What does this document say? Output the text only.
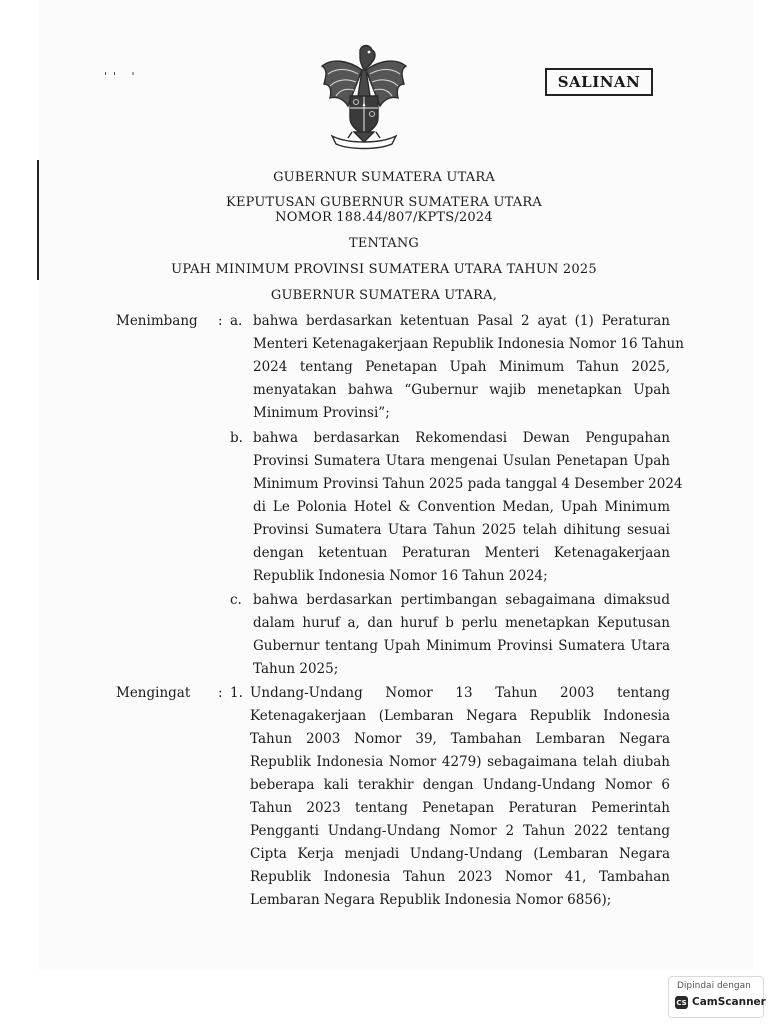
'' '	SALINAN
GUBERNUR SUMATERA UTARA
KEPUTUSAN GUBERNUR SUMATERA UTARA
NOMOR 188.44/807/KPTS/2024
TENTANG
UPAH MINIMUM PROVINSI SUMATERA UTARA TAHUN 2025
GUBERNUR SUMATERA UTARA,
Menimbang : a. bahwa berdasarkan ketentuan Pasal 2 ayat (1) Peraturan
Menteri Ketenagakerjaan Republik Indonesia Nomor 16 Tahun
2024 tentang Penetapan Upah Minimum Tahun 2025,
menyatakan bahwa “Gubernur wajib menetapkan Upah
Minimum Provinsi”;
b. bahwa berdasarkan Rekomendasi Dewan Pengupahan
Provinsi Sumatera Utara mengenai Usulan Penetapan Upah
Minimum Provinsi Tahun 2025 pada tanggal 4 Desember 2024
di Le Polonia Hotel & Convention Medan, Upah Minimum
Provinsi Sumatera Utara Tahun 2025 telah dihitung sesuai
dengan ketentuan Peraturan Menteri Ketenagakerjaan
Republik Indonesia Nomor 16 Tahun 2024;
c. bahwa berdasarkan pertimbangan sebagaimana dimaksud
dalam huruf a, dan huruf b perlu menetapkan Keputusan
Gubernur tentang Upah Minimum Provinsi Sumatera Utara
Tahun 2025;
Mengingat : 1. Undang-Undang Nomor 13 Tahun 2003 tentang
Ketenagakerjaan (Lembaran Negara Republik Indonesia
Tahun 2003 Nomor 39, Tambahan Lembaran Negara
Republik Indonesia Nomor 4279) sebagaimana telah diubah
beberapa kali terakhir dengan Undang-Undang Nomor 6
Tahun 2023 tentang Penetapan Peraturan Pemerintah
Pengganti Undang-Undang Nomor 2 Tahun 2022 tentang
Cipta Kerja menjadi Undang-Undang (Lembaran Negara
Republik Indonesia Tahun 2023 Nomor 41, Tambahan
Lembaran Negara Republik Indonesia Nomor 6856);
Dipindai dengan
CS CamScanner
